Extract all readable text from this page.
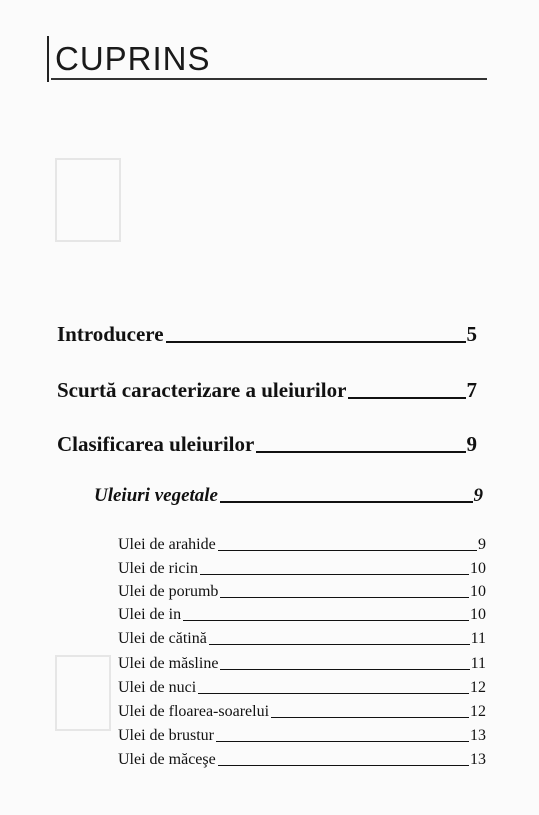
CUPRINS
Introducere	5
Scurtă caracterizare a uleiurilor	7
Clasificarea uleiurilor	9
Uleiuri vegetale	9
Ulei de arahide	9
Ulei de ricin	10
Ulei de porumb	10
Ulei de in	10
Ulei de cătină	11
Ulei de măsline	11
Ulei de nuci	12
Ulei de floarea-soarelui	12
Ulei de brustur	13
Ulei de măceşe	13
